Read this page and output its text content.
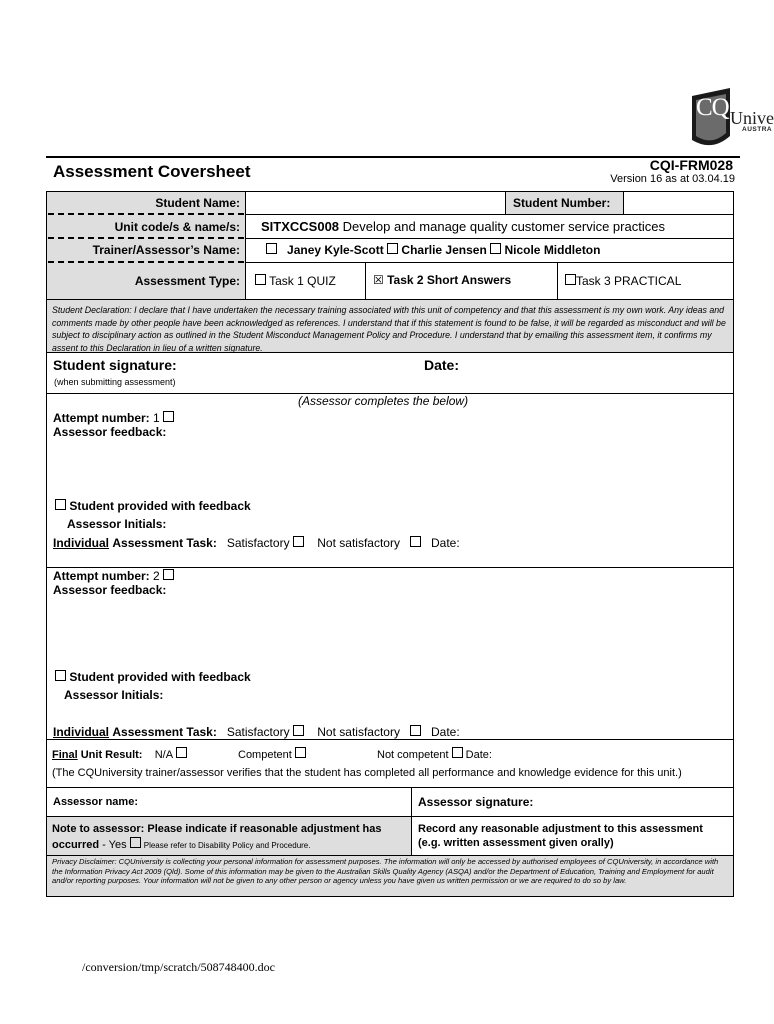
CQ Unive
AUSTRA
Assessment Coversheet	CQI-FRM028
Version 16 as at 03.04.19
Student Name:	Student Number:
Unit code/s & name/s: SITXCCS008 Develop and manage quality customer service practices
Trainer/Assessor’s Name:	Janey Kyle-Scott Charlie Jensen Nicole Middleton
Assessment Type:	Task 1 QUIZ	☒ Task 2 Short Answers	Task 3 PRACTICAL
Student Declaration: I declare that I have undertaken the necessary training associated with this unit of competency and that this assessment is my own work. Any ideas and comments made by other people have been acknowledged as references. I understand that if this statement is found to be false, it will be regarded as misconduct and will be subject to disciplinary action as outlined in the Student Misconduct Management Policy and Procedure. I understand that by emailing this assessment item, it confirms my assent to this Declaration in lieu of a written signature.
Student signature:
(when submitting assessment)
Date:
(Assessor completes the below)
Attempt number: 1
Assessor feedback:
Student provided with feedback
Assessor Initials:
Individual Assessment Task: Satisfactory Not satisfactory	Date:
Attempt number: 2
Assessor feedback:
Student provided with feedback
Assessor Initials:
Individual Assessment Task: Satisfactory Not satisfactory	Date:
Final Unit Result: N/A	Competent	Not competent Date:
(The CQUniversity trainer/assessor verifies that the student has completed all performance and knowledge evidence for this unit.)
Assessor name:	Assessor signature:
Note to assessor: Please indicate if reasonable adjustment has
occurred - Yes Please refer to Disability Policy and Procedure.
Record any reasonable adjustment to this assessment
(e.g. written assessment given orally)
Privacy Disclaimer: CQUniversity is collecting your personal information for assessment purposes. The information will only be accessed by authorised employees of CQUniversity, in accordance with the Information Privacy Act 2009 (Qld). Some of this information may be given to the Australian Skills Quality Agency (ASQA) and/or the Department of Education, Training and Employment for audit and/or reporting purposes. Your information will not be given to any other person or agency unless you have given us written permission or we are required to do so by law.
/conversion/tmp/scratch/508748400.doc
